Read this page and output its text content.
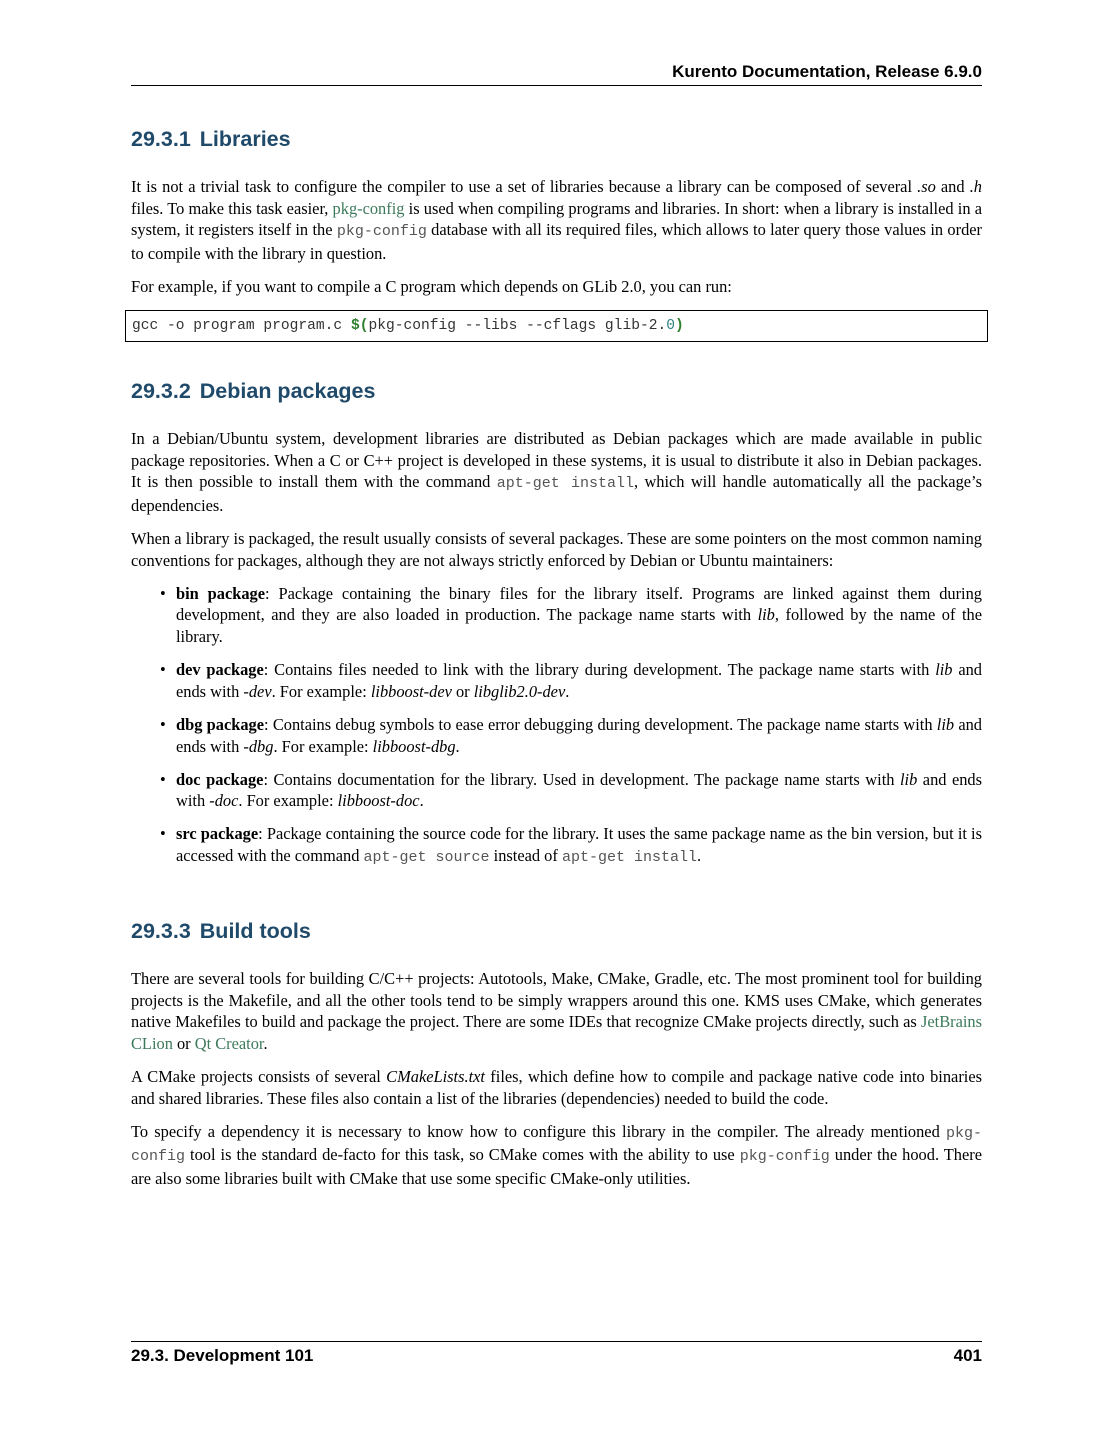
Kurento Documentation, Release 6.9.0
29.3.1 Libraries

It is not a trivial task to configure the compiler to use a set of libraries because a library can be composed of several .so and .h files. To make this task easier, pkg-config is used when compiling programs and libraries. In short: when a library is installed in a system, it registers itself in the pkg-config database with all its required files, which allows to later query those values in order to compile with the library in question.

For example, if you want to compile a C program which depends on GLib 2.0, you can run:

gcc -o program program.c $(pkg-config --libs --cflags glib-2.0)
29.3.2 Debian packages

In a Debian/Ubuntu system, development libraries are distributed as Debian packages which are made available in public package repositories. When a C or C++ project is developed in these systems, it is usual to distribute it also in Debian packages. It is then possible to install them with the command apt-get install, which will handle automatically all the package’s dependencies.

When a library is packaged, the result usually consists of several packages. These are some pointers on the most common naming conventions for packages, although they are not always strictly enforced by Debian or Ubuntu maintainers:

• bin package: Package containing the binary files for the library itself. Programs are linked against them during development, and they are also loaded in production. The package name starts with lib, followed by the name of the library.
• dev package: Contains files needed to link with the library during development. The package name starts with lib and ends with -dev. For example: libboost-dev or libglib2.0-dev.
• dbg package: Contains debug symbols to ease error debugging during development. The package name starts with lib and ends with -dbg. For example: libboost-dbg.
• doc package: Contains documentation for the library. Used in development. The package name starts with lib and ends with -doc. For example: libboost-doc.
• src package: Package containing the source code for the library. It uses the same package name as the bin version, but it is accessed with the command apt-get source instead of apt-get install.
29.3.3 Build tools

There are several tools for building C/C++ projects: Autotools, Make, CMake, Gradle, etc. The most prominent tool for building projects is the Makefile, and all the other tools tend to be simply wrappers around this one. KMS uses CMake, which generates native Makefiles to build and package the project. There are some IDEs that recognize CMake projects directly, such as JetBrains CLion or Qt Creator.

A CMake projects consists of several CMakeLists.txt files, which define how to compile and package native code into binaries and shared libraries. These files also contain a list of the libraries (dependencies) needed to build the code.

To specify a dependency it is necessary to know how to configure this library in the compiler. The already mentioned pkg-config tool is the standard de-facto for this task, so CMake comes with the ability to use pkg-config under the hood. There are also some libraries built with CMake that use some specific CMake-only utilities.

29.3. Development 101	401
